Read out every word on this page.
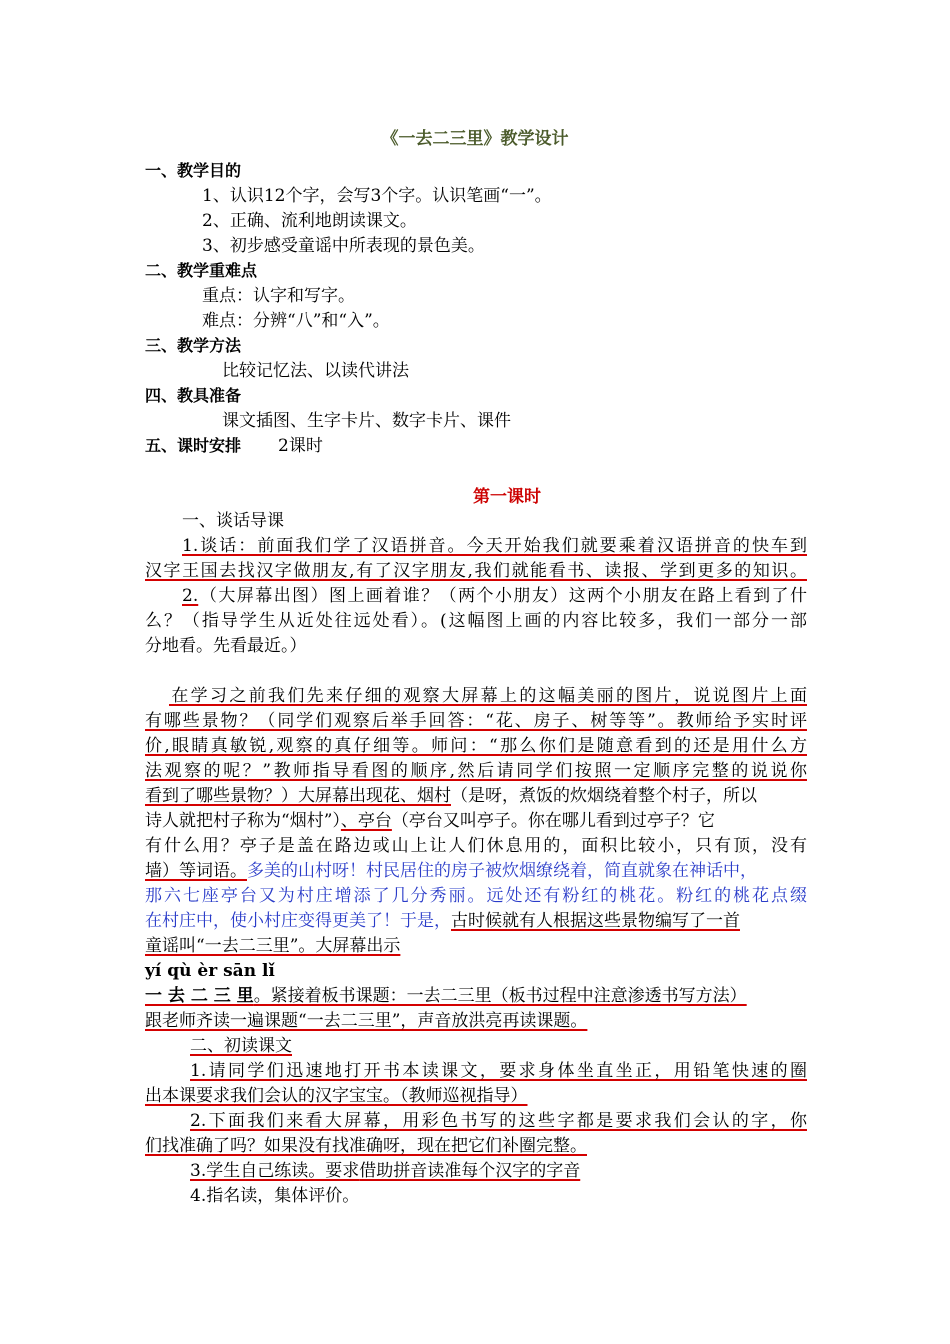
《一去二三里》教学设计
一、教学目的
1、认识12个字，会写3个字。认识笔画“一”。
2、正确、流利地朗读课文。
3、初步感受童谣中所表现的景色美。
二、教学重难点
重点：认字和写字。
难点：分辨“八”和“入”。
三、教学方法
比较记忆法、以读代讲法
四、教具准备
课文插图、生字卡片、数字卡片、课件
五、课时安排 2课时
第一课时
一、谈话导课
1.谈话：前面我们学了汉语拼音。今天开始我们就要乘着汉语拼音的快车到
汉字王国去找汉字做朋友,有了汉字朋友,我们就能看书、读报、学到更多的知识。
2. （大屏幕出图）图上画着谁？（两个小朋友）这两个小朋友在路上看到了什
么？（指导学生从近处往远处看）。(这幅图上画的内容比较多，我们一部分一部
分地看。先看最近。）
在学习之前我们先来仔细的观察大屏幕上的这幅美丽的图片，说说图片上面
有哪些景物？（同学们观察后举手回答：“花、房子、树等等”。教师给予实时评
价,眼睛真敏锐,观察的真仔细等。师问：“那么你们是随意看到的还是用什么方
法观察的呢？”教师指导看图的顺序,然后请同学们按照一定顺序完整的说说你
看到了哪些景物？）大屏幕出现花、烟村（是呀，煮饭的炊烟绕着整个村子，所以
诗人就把村子称为“烟村”）、亭台（亭台又叫亭子。你在哪儿看到过亭子？它
有什么用？亭子是盖在路边或山上让人们休息用的，面积比较小，只有顶，没有
墙）等词语。多美的山村呀！村民居住的房子被炊烟缭绕着，简直就象在神话中，
那六七座亭台又为村庄增添了几分秀丽。远处还有粉红的桃花。粉红的桃花点缀
在村庄中，使小村庄变得更美了！于是，古时候就有人根据这些景物编写了一首
童谣叫“一去二三里”。大屏幕出示
yí qù èr sān lǐ
一 去 二 三 里。紧接着板书课题：一去二三里（板书过程中注意渗透书写方法）
跟老师齐读一遍课题“一去二三里”，声音放洪亮再读课题。
二、初读课文
1.请同学们迅速地打开书本读课文，要求身体坐直坐正，用铅笔快速的圈
出本课要求我们会认的汉字宝宝。（教师巡视指导）
2.下面我们来看大屏幕，用彩色书写的这些字都是要求我们会认的字，你
们找准确了吗？如果没有找准确呀，现在把它们补圈完整。
3.学生自己练读。要求借助拼音读准每个汉字的字音
4.指名读，集体评价。
